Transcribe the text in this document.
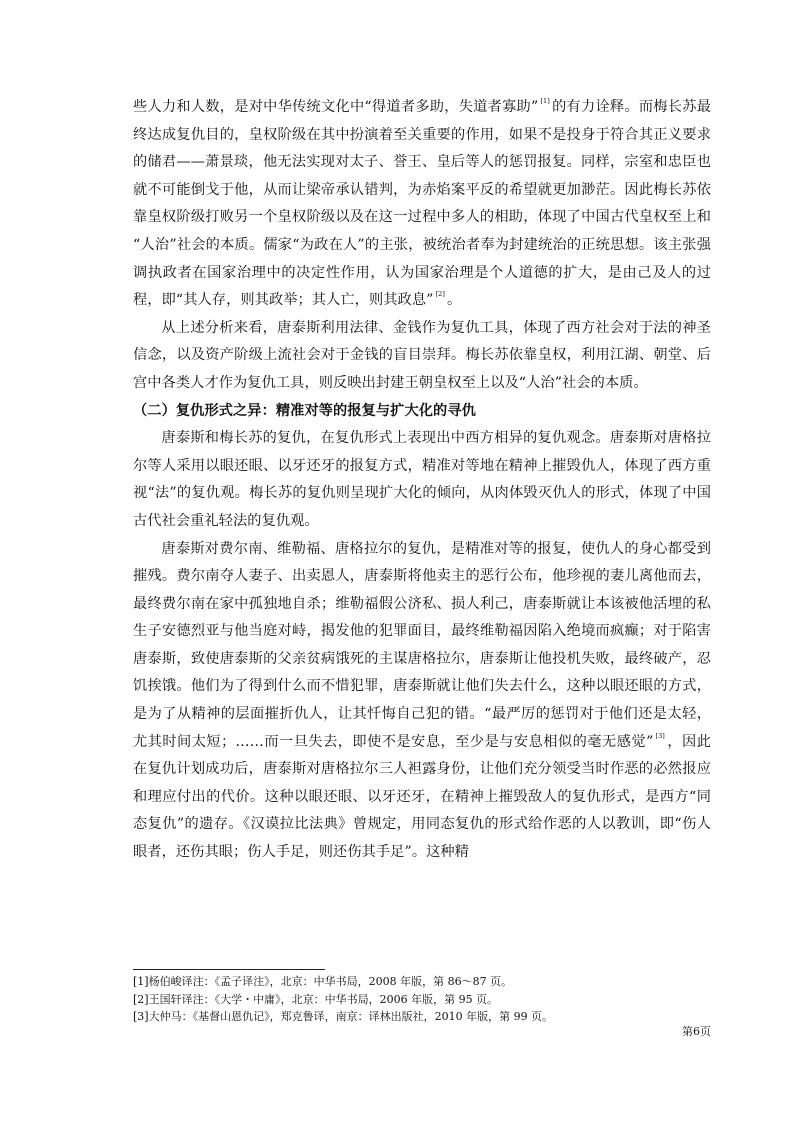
些人力和人数，是对中华传统文化中“得道者多助，失道者寡助” [1] 的有力诠释。而梅长苏最终达成复仇目的，皇权阶级在其中扮演着至关重要的作用，如果不是投身于符合其正义要求的储君——萧景琰，他无法实现对太子、誉王、皇后等人的惩罚报复。同样，宗室和忠臣也就不可能倒戈于他，从而让梁帝承认错判，为赤焰案平反的希望就更加渺茫。因此梅长苏依靠皇权阶级打败另一个皇权阶级以及在这一过程中多人的相助，体现了中国古代皇权至上和 “人治”社会的本质。儒家“为政在人”的主张，被统治者奉为封建统治的正统思想。该主张强调执政者在国家治理中的决定性作用，认为国家治理是个人道德的扩大，是由己及人的过程，即“其人存，则其政举；其人亡，则其政息” [2] 。

从上述分析来看，唐泰斯利用法律、金钱作为复仇工具，体现了西方社会对于法的神圣信念，以及资产阶级上流社会对于金钱的盲目崇拜。梅长苏依靠皇权，利用江湖、朝堂、后宫中各类人才作为复仇工具，则反映出封建王朝皇权至上以及“人治”社会的本质。

（二）复仇形式之异：精准对等的报复与扩大化的寻仇

唐泰斯和梅长苏的复仇，在复仇形式上表现出中西方相异的复仇观念。唐泰斯对唐格拉尔等人采用以眼还眼、以牙还牙的报复方式，精准对等地在精神上摧毁仇人，体现了西方重视“法”的复仇观。梅长苏的复仇则呈现扩大化的倾向，从肉体毁灭仇人的形式，体现了中国古代社会重礼轻法的复仇观。

唐泰斯对费尔南、维勒福、唐格拉尔的复仇，是精准对等的报复，使仇人的身心都受到摧残。费尔南夺人妻子、出卖恩人，唐泰斯将他卖主的恶行公布，他珍视的妻儿离他而去，最终费尔南在家中孤独地自杀；维勒福假公济私、损人利己，唐泰斯就让本该被他活埋的私生子安德烈亚与他当庭对峙，揭发他的犯罪面目，最终维勒福因陷入绝境而疯癫；对于陷害唐泰斯，致使唐泰斯的父亲贫病饿死的主谋唐格拉尔，唐泰斯让他投机失败，最终破产，忍饥挨饿。他们为了得到什么而不惜犯罪，唐泰斯就让他们失去什么，这种以眼还眼的方式，是为了从精神的层面摧折仇人，让其忏悔自己犯的错。“最严厉的惩罚对于他们还是太轻，尤其时间太短；……而一旦失去，即使不是安息，至少是与安息相似的毫无感觉” [3] ，因此在复仇计划成功后，唐泰斯对唐格拉尔三人袒露身份，让他们充分领受当时作恶的必然报应和理应付出的代价。这种以眼还眼、以牙还牙，在精神上摧毁敌人的复仇形式，是西方“同态复仇”的遗存。《汉谟拉比法典》曾规定，用同态复仇的形式给作恶的人以教训，即“伤人眼者，还伤其眼；伤人手足，则还伤其手足”。这种精

[1]杨伯峻译注：《孟子译注》，北京：中华书局，2008 年版，第 86～87 页。
[2]王国轩译注：《大学・中庸》，北京：中华书局，2006 年版，第 95 页。
[3]大仲马：《基督山恩仇记》，郑克鲁译，南京：译林出版社，2010 年版，第 99 页。
第6页
